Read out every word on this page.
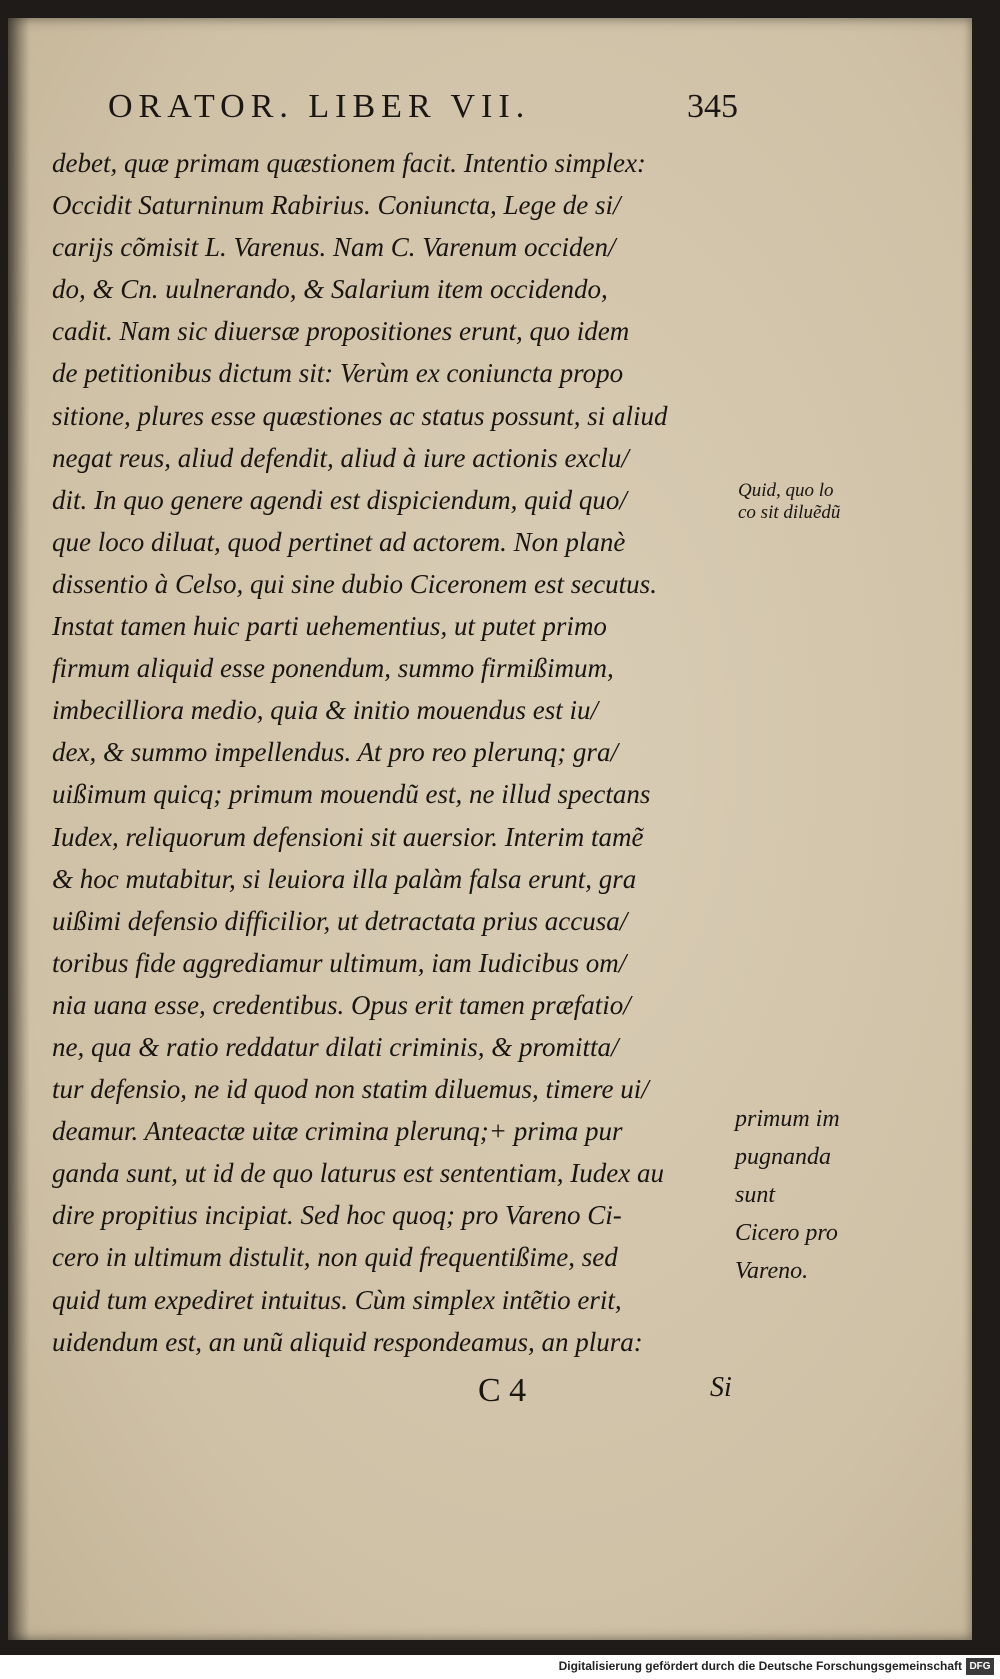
ORATOR. LIBER VII.	345
debet, quæ primam quæstionem facit. Intentio simplex:
Occidit Saturninum Rabirius. Coniuncta, Lege de si/
carijs cõmisit L. Varenus. Nam C. Varenum occiden/
do, & Cn. uulnerando, & Salarium item occidendo,
cadit. Nam sic diuersæ propositiones erunt, quo idem
de petitionibus dictum sit: Verùm ex coniuncta propo
sitione, plures esse quæstiones ac status possunt, si aliud
negat reus, aliud defendit, aliud à iure actionis exclu/
dit. In quo genere agendi est dispiciendum, quid quo/
que loco diluat, quod pertinet ad actorem. Non planè
dissentio à Celso, qui sine dubio Ciceronem est secutus.
Instat tamen huic parti uehementius, ut putet primo
firmum aliquid esse ponendum, summo firmißimum,
imbecilliora medio, quia & initio mouendus est iu/
dex, & summo impellendus. At pro reo plerunq; gra/
uißimum quicq; primum mouendũ est, ne illud spectans
Iudex, reliquorum defensioni sit auersior. Interim tamẽ
& hoc mutabitur, si leuiora illa palàm falsa erunt, gra
uißimi defensio difficilior, ut detractata prius accusa/
toribus fide aggrediamur ultimum, iam Iudicibus om/
nia uana esse, credentibus. Opus erit tamen præfatio/
ne, qua & ratio reddatur dilati criminis, & promitta/
tur defensio, ne id quod non statim diluemus, timere ui/
deamur. Anteactæ uitæ crimina plerunq;+ prima pur
ganda sunt, ut id de quo laturus est sententiam, Iudex au
dire propitius incipiat. Sed hoc quoq; pro Vareno Ci-
cero in ultimum distulit, non quid frequentißime, sed
quid tum expediret intuitus. Cùm simplex intẽtio erit,
uidendum est, an unũ aliquid respondeamus, an plura:
Quid, quo lo
co sit diluẽdũ
primum im
pugnanda
sunt
Cicero pro
Vareno.
C 4	Si
Digitalisierung gefördert durch die Deutsche Forschungsgemeinschaft DFG
